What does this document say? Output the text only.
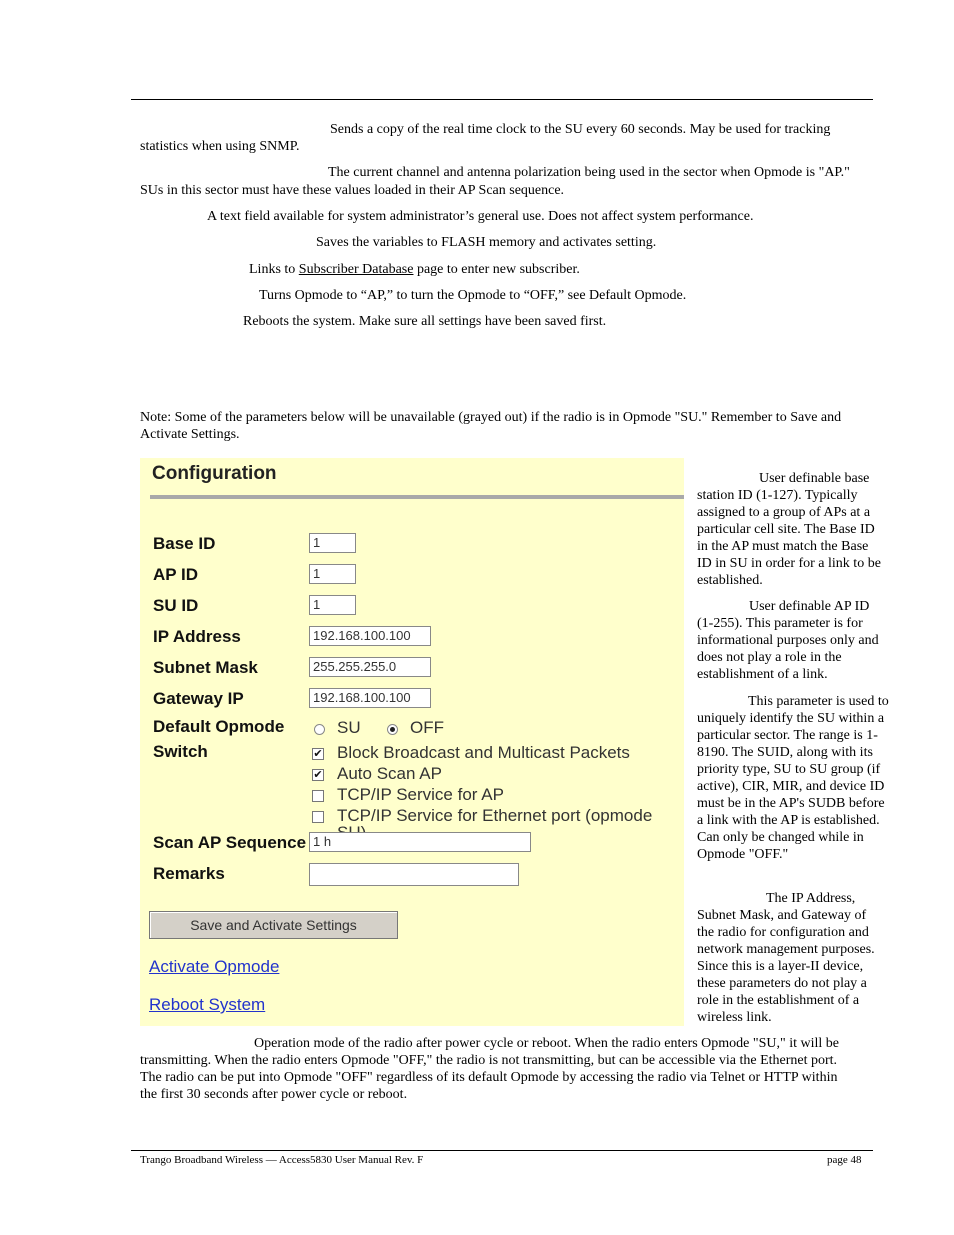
Sends a copy of the real time clock to the SU every 60 seconds. May be used for tracking
statistics when using SNMP.
The current channel and antenna polarization being used in the sector when Opmode is "AP."
SUs in this sector must have these values loaded in their AP Scan sequence.
A text field available for system administrator’s general use. Does not affect system performance.
Saves the variables to FLASH memory and activates setting.
Links to Subscriber Database page to enter new subscriber.
Turns Opmode to “AP,” to turn the Opmode to “OFF,” see Default Opmode.
Reboots the system. Make sure all settings have been saved first.
Note: Some of the parameters below will be unavailable (grayed out) if the radio is in Opmode "SU." Remember to Save and
Activate Settings.
Configuration
Base ID	1
AP ID	1
SU ID	1
IP Address	192.168.100.100
Subnet Mask	255.255.255.0
Gateway IP	192.168.100.100
Default Opmode	SU	OFF
Switch	✔ Block Broadcast and Multicast Packets
✔ Auto Scan AP
TCP/IP Service for AP
TCP/IP Service for Ethernet port (opmode
Scan AP Sequence 1 h
Remarks
Save and Activate Settings
Activate Opmode
Reboot System
User definable base
station ID (1-127). Typically
assigned to a group of APs at a
particular cell site. The Base ID
in the AP must match the Base
ID in SU in order for a link to be
established.
User definable AP ID
(1-255). This parameter is for
informational purposes only and
does not play a role in the
establishment of a link.
This parameter is used to
uniquely identify the SU within a
particular sector. The range is 1-
8190. The SUID, along with its
priority type, SU to SU group (if
active), CIR, MIR, and device ID
must be in the AP's SUDB before
a link with the AP is established.
Can only be changed while in
Opmode "OFF."
The IP Address,
Subnet Mask, and Gateway of
the radio for configuration and
network management purposes.
Since this is a layer-II device,
these parameters do not play a
role in the establishment of a
wireless link.
Operation mode of the radio after power cycle or reboot. When the radio enters Opmode "SU," it will be
transmitting. When the radio enters Opmode "OFF," the radio is not transmitting, but can be accessible via the Ethernet port.
The radio can be put into Opmode "OFF" regardless of its default Opmode by accessing the radio via Telnet or HTTP within
the first 30 seconds after power cycle or reboot.
Trango Broadband Wireless — Access5830 User Manual Rev. F	page 48
